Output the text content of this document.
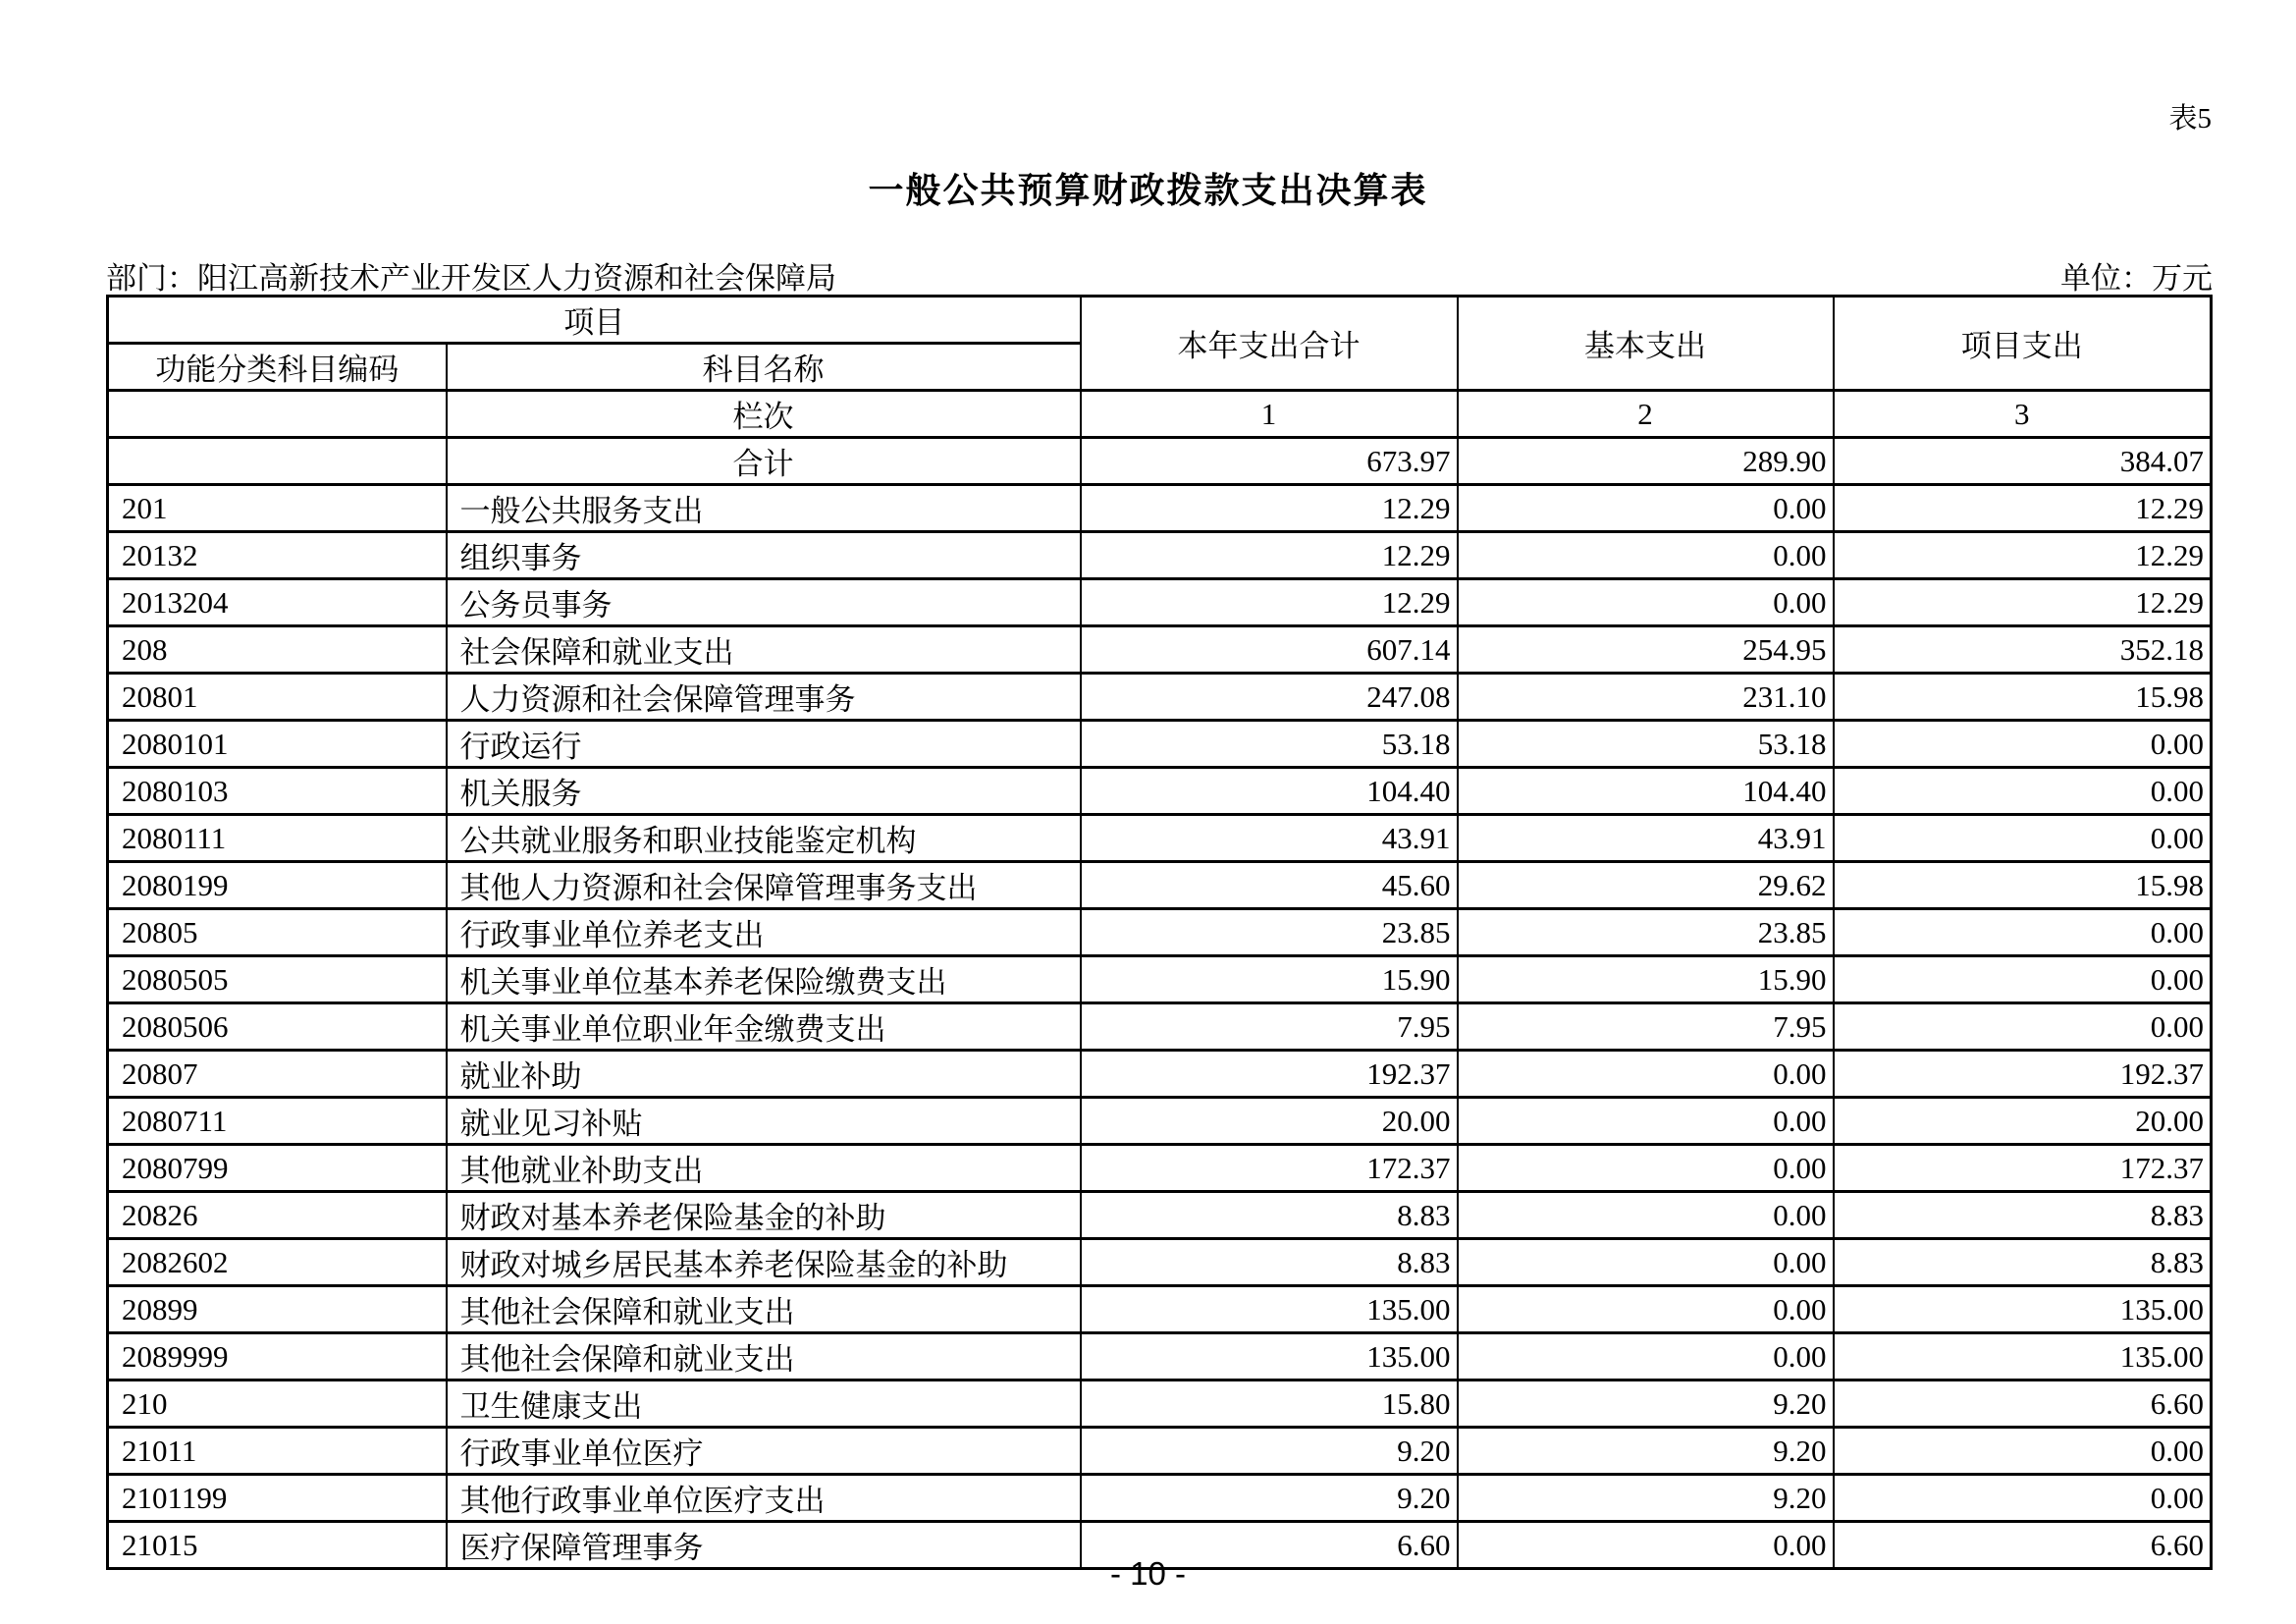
表5
一般公共预算财政拨款支出决算表
部门：阳江高新技术产业开发区人力资源和社会保障局	单位：万元
项目		本年支出合计	基本支出	项目支出
功能分类科目编码	科目名称			
	栏次	1	2	3
	合计	673.97	289.90	384.07
201	一般公共服务支出	12.29	0.00	12.29
20132	组织事务	12.29	0.00	12.29
2013204	公务员事务	12.29	0.00	12.29
208	社会保障和就业支出	607.14	254.95	352.18
20801	人力资源和社会保障管理事务	247.08	231.10	15.98
2080101	行政运行	53.18	53.18	0.00
2080103	机关服务	104.40	104.40	0.00
2080111	公共就业服务和职业技能鉴定机构	43.91	43.91	0.00
2080199	其他人力资源和社会保障管理事务支出	45.60	29.62	15.98
20805	行政事业单位养老支出	23.85	23.85	0.00
2080505	机关事业单位基本养老保险缴费支出	15.90	15.90	0.00
2080506	机关事业单位职业年金缴费支出	7.95	7.95	0.00
20807	就业补助	192.37	0.00	192.37
2080711	就业见习补贴	20.00	0.00	20.00
2080799	其他就业补助支出	172.37	0.00	172.37
20826	财政对基本养老保险基金的补助	8.83	0.00	8.83
2082602	财政对城乡居民基本养老保险基金的补助	8.83	0.00	8.83
20899	其他社会保障和就业支出	135.00	0.00	135.00
2089999	其他社会保障和就业支出	135.00	0.00	135.00
210	卫生健康支出	15.80	9.20	6.60
21011	行政事业单位医疗	9.20	9.20	0.00
2101199	其他行政事业单位医疗支出	9.20	9.20	0.00
21015	医疗保障管理事务	6.60	0.00	6.60
- 10 -
